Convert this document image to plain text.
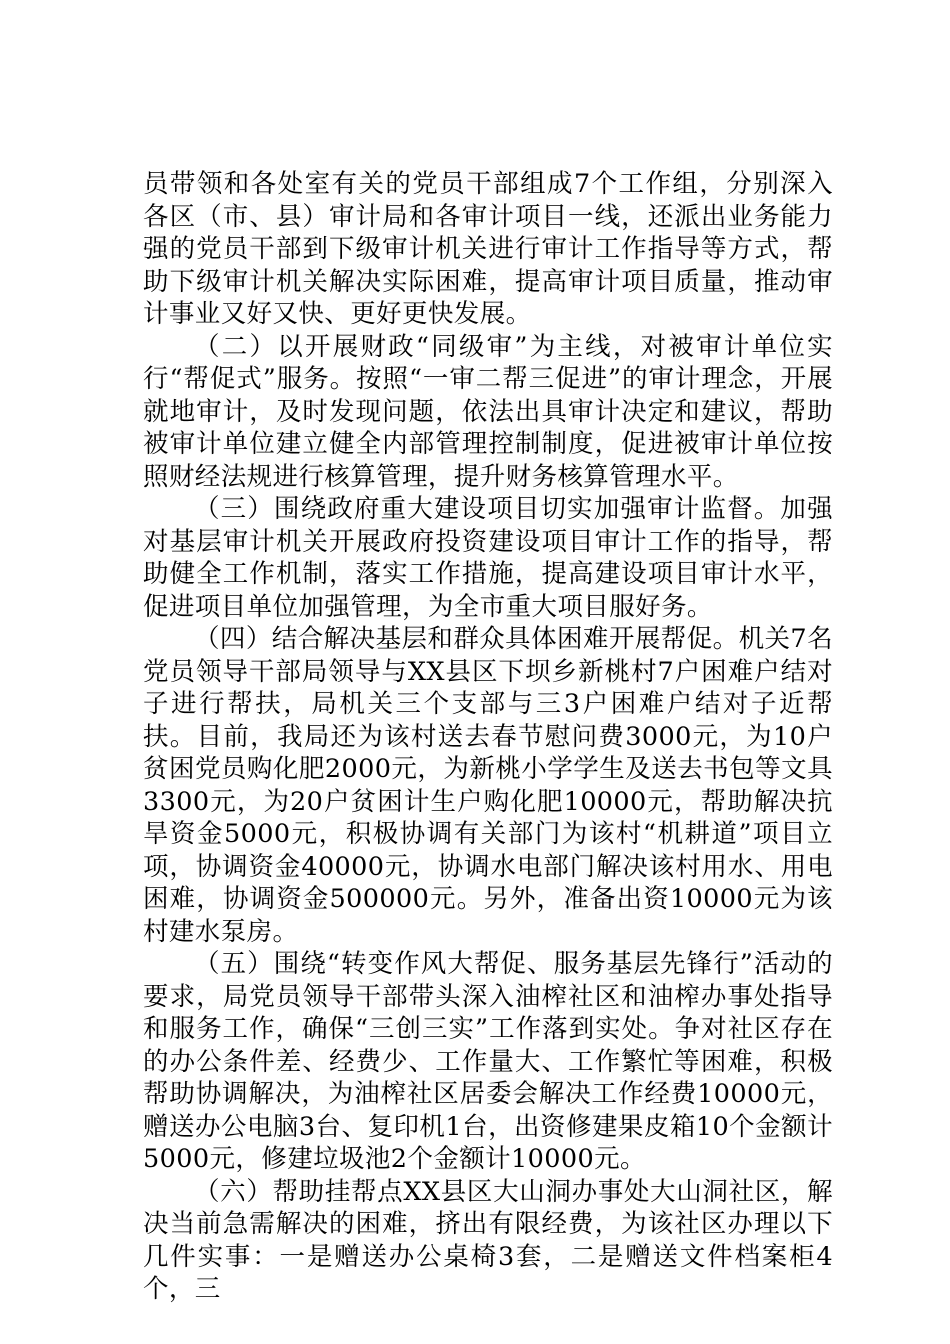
员带领和各处室有关的党员干部组成7个工作组，分别深入各区（市、县）审计局和各审计项目一线，还派出业务能力强的党员干部到下级审计机关进行审计工作指导等方式，帮助下级审计机关解决实际困难，提高审计项目质量，推动审计事业又好又快、更好更快发展。

（二）以开展财政“同级审”为主线，对被审计单位实行“帮促式”服务。按照“一审二帮三促进”的审计理念，开展就地审计，及时发现问题，依法出具审计决定和建议，帮助被审计单位建立健全内部管理控制制度，促进被审计单位按照财经法规进行核算管理，提升财务核算管理水平。

（三）围绕政府重大建设项目切实加强审计监督。加强对基层审计机关开展政府投资建设项目审计工作的指导，帮助健全工作机制，落实工作措施，提高建设项目审计水平，促进项目单位加强管理，为全市重大项目服好务。

（四）结合解决基层和群众具体困难开展帮促。机关7名党员领导干部局领导与XX县区下坝乡新桃村7户困难户结对子进行帮扶，局机关三个支部与三3户困难户结对子近帮扶。目前，我局还为该村送去春节慰问费3000元，为10户贫困党员购化肥2000元，为新桃小学学生及送去书包等文具3300元，为20户贫困计生户购化肥10000元，帮助解决抗旱资金5000元，积极协调有关部门为该村“机耕道”项目立项，协调资金40000元，协调水电部门解决该村用水、用电困难，协调资金500000元。另外，准备出资10000元为该村建水泵房。

（五）围绕“转变作风大帮促、服务基层先锋行”活动的要求，局党员领导干部带头深入油榨社区和油榨办事处指导和服务工作，确保“三创三实”工作落到实处。争对社区存在的办公条件差、经费少、工作量大、工作繁忙等困难，积极帮助协调解决，为油榨社区居委会解决工作经费10000元，赠送办公电脑3台、复印机1台，出资修建果皮箱10个金额计5000元，修建垃圾池2个金额计10000元。

（六）帮助挂帮点XX县区大山洞办事处大山洞社区，解决当前急需解决的困难，挤出有限经费，为该社区办理以下几件实事：一是赠送办公桌椅3套，二是赠送文件档案柜4个，三
